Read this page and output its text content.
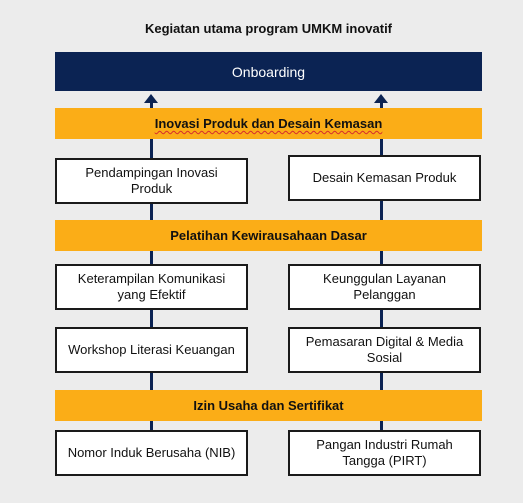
Kegiatan utama program UMKM inovatif
Onboarding
Inovasi Produk dan Desain Kemasan
Pendampingan Inovasi Produk
Desain Kemasan Produk
Pelatihan Kewirausahaan Dasar
Keterampilan Komunikasi yang Efektif
Keunggulan Layanan Pelanggan
Workshop Literasi Keuangan
Pemasaran Digital & Media Sosial
Izin Usaha dan Sertifikat
Nomor Induk Berusaha (NIB)
Pangan Industri Rumah Tangga (PIRT)
